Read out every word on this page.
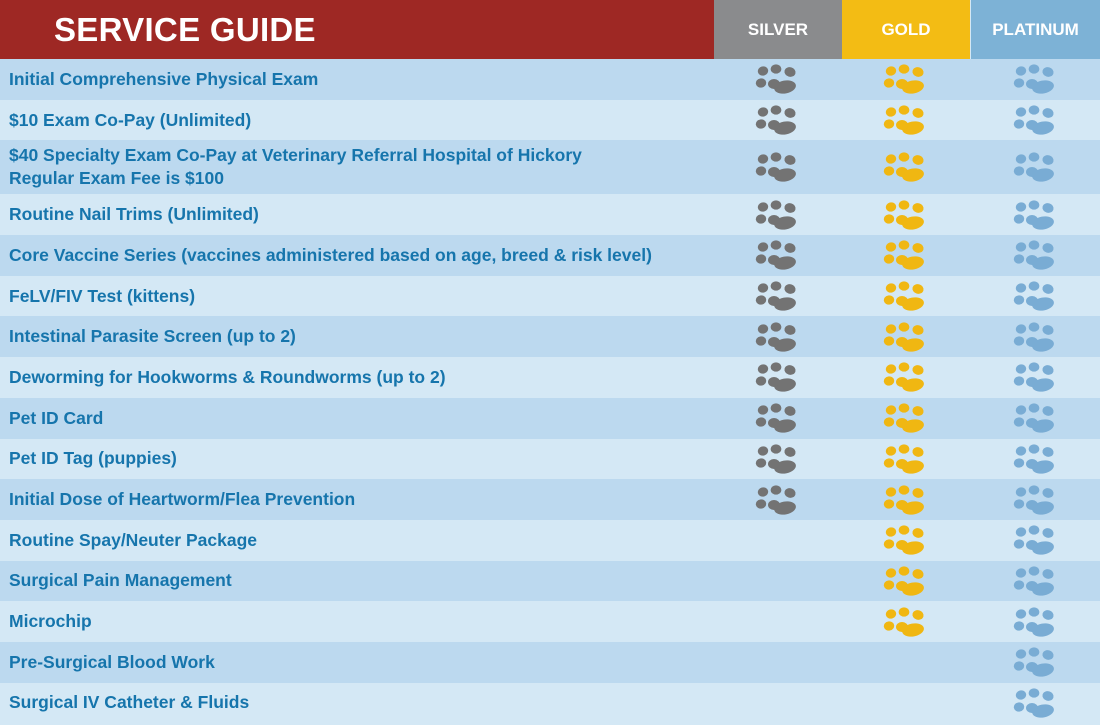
SERVICE GUIDE	SILVER	GOLD	PLATINUM
Initial Comprehensive Physical Exam
$10 Exam Co-Pay (Unlimited)
$40 Specialty Exam Co-Pay at Veterinary Referral Hospital of Hickory
Regular Exam Fee is $100
Routine Nail Trims (Unlimited)
Core Vaccine Series (vaccines administered based on age, breed & risk level)
FeLV/FIV Test (kittens)
Intestinal Parasite Screen (up to 2)
Deworming for Hookworms & Roundworms (up to 2)
Pet ID Card
Pet ID Tag (puppies)
Initial Dose of Heartworm/Flea Prevention
Routine Spay/Neuter Package
Surgical Pain Management
Microchip
Pre-Surgical Blood Work
Surgical IV Catheter & Fluids
